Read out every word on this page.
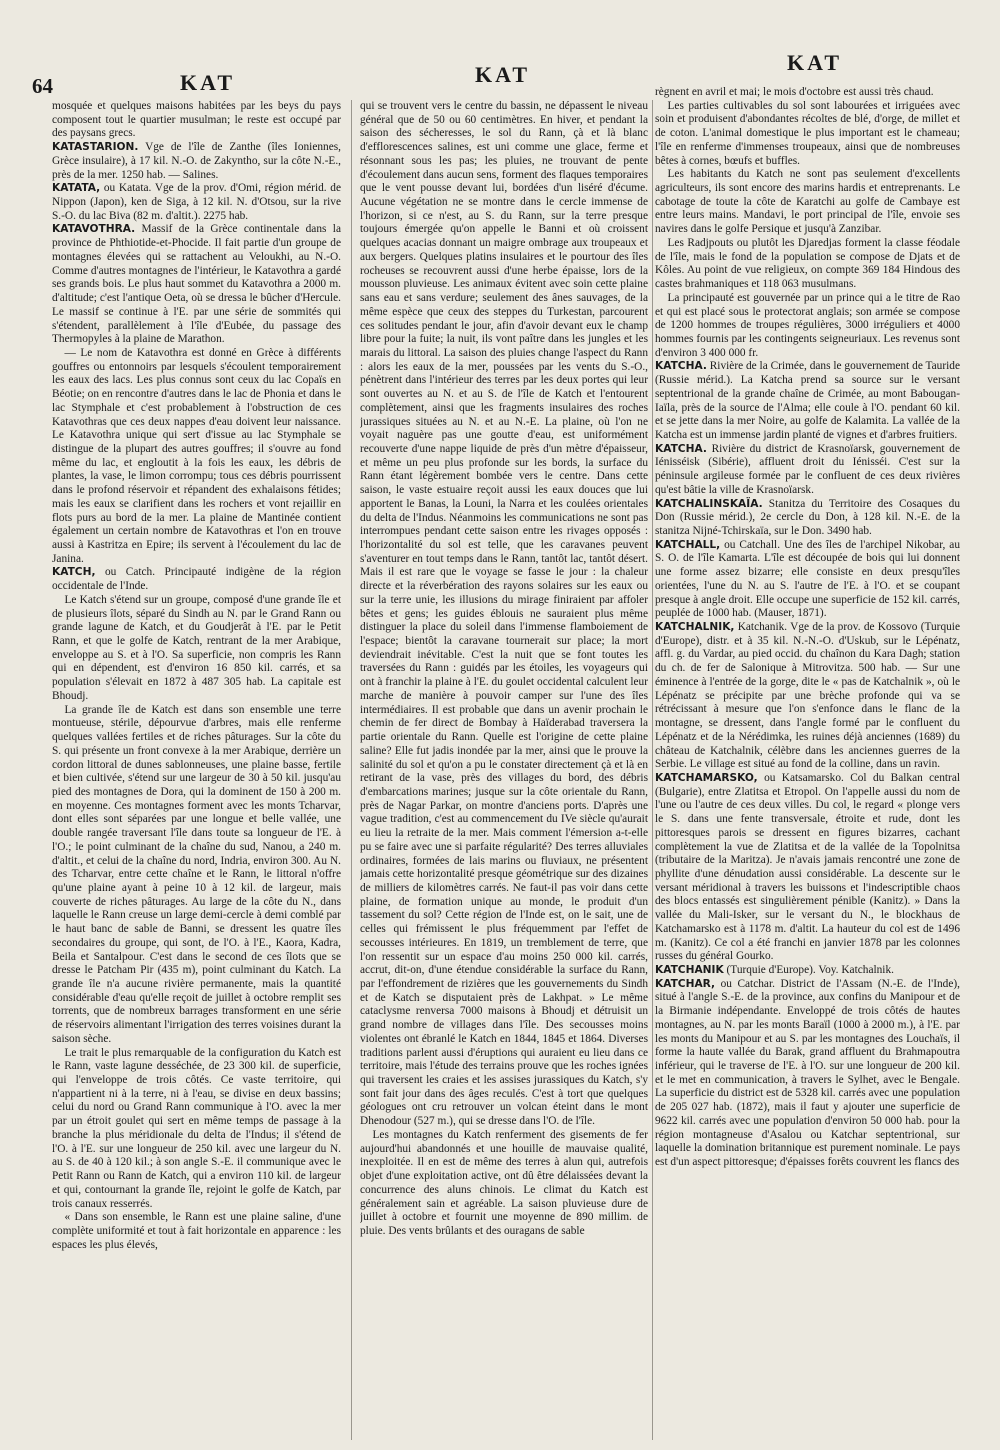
64	KAT	KAT	KAT

mosquée et quelques maisons habitées par les beys du pays composent tout le quartier musulman; le reste est occupé par des paysans grecs.

KATASTARION. Vge de l'île de Zanthe (îles Ioniennes, Grèce insulaire), à 17 kil. N.-O. de Zakyntho, sur la côte N.-E., près de la mer. 1250 hab. — Salines.

KATATA, ou Katata. Vge de la prov. d'Omi, région mérid. de Nippon (Japon), ken de Siga, à 12 kil. N. d'Otsou, sur la rive S.-O. du lac Biva (82 m. d'altit.). 2275 hab.

KATAVOTHRA. Massif de la Grèce continentale dans la province de Phthiotide-et-Phocide. Il fait partie d'un groupe de montagnes élevées qui se rattachent au Veloukhi, au N.-O. Comme d'autres montagnes de l'intérieur, le Katavothra a gardé ses grands bois. Le plus haut sommet du Katavothra a 2000 m. d'altitude; c'est l'antique Oeta, où se dressa le bûcher d'Hercule. Le massif se continue à l'E. par une série de sommités qui s'étendent, parallèlement à l'île d'Eubée, du passage des Thermopyles à la plaine de Marathon.

— Le nom de Katavothra est donné en Grèce à différents gouffres ou entonnoirs par lesquels s'écoulent temporairement les eaux des lacs. Les plus connus sont ceux du lac Copaïs en Béotie; on en rencontre d'autres dans le lac de Phonia et dans le lac Stymphale et c'est probablement à l'obstruction de ces Katavothras que ces deux nappes d'eau doivent leur naissance. Le Katavothra unique qui sert d'issue au lac Stymphale se distingue de la plupart des autres gouffres; il s'ouvre au fond même du lac, et engloutit à la fois les eaux, les débris de plantes, la vase, le limon corrompu; tous ces débris pourrissent dans le profond réservoir et répandent des exhalaisons fétides; mais les eaux se clarifient dans les rochers et vont rejaillir en flots purs au bord de la mer. La plaine de Mantinée contient également un certain nombre de Katavothras et l'on en trouve aussi à Kastritza en Epire; ils servent à l'écoulement du lac de Janina.

KATCH, ou Catch. Principauté indigène de la région occidentale de l'Inde.

Le Katch s'étend sur un groupe, composé d'une grande île et de plusieurs îlots, séparé du Sindh au N. par le Grand Rann ou grande lagune de Katch, et du Goudjerât à l'E. par le Petit Rann, et que le golfe de Katch, rentrant de la mer Arabique, enveloppe au S. et à l'O. Sa superficie, non compris les Rann qui en dépendent, est d'environ 16 850 kil. carrés, et sa population s'élevait en 1872 à 487 305 hab. La capitale est Bhoudj.

La grande île de Katch est dans son ensemble une terre montueuse, stérile, dépourvue d'arbres, mais elle renferme quelques vallées fertiles et de riches pâturages. Sur la côte du S. qui présente un front convexe à la mer Arabique, derrière un cordon littoral de dunes sablonneuses, une plaine basse, fertile et bien cultivée, s'étend sur une largeur de 30 à 50 kil. jusqu'au pied des montagnes de Dora, qui la dominent de 150 à 200 m. en moyenne. Ces montagnes forment avec les monts Tcharvar, dont elles sont séparées par une longue et belle vallée, une double rangée traversant l'île dans toute sa longueur de l'E. à l'O.; le point culminant de la chaîne du sud, Nanou, a 240 m. d'altit., et celui de la chaîne du nord, Indria, environ 300. Au N. des Tcharvar, entre cette chaîne et le Rann, le littoral n'offre qu'une plaine ayant à peine 10 à 12 kil. de largeur, mais couverte de riches pâturages. Au large de la côte du N., dans laquelle le Rann creuse un large demi-cercle à demi comblé par le haut banc de sable de Banni, se dressent les quatre îles secondaires du groupe, qui sont, de l'O. à l'E., Kaora, Kadra, Beila et Santalpour. C'est dans le second de ces îlots que se dresse le Patcham Pir (435 m), point culminant du Katch. La grande île n'a aucune rivière permanente, mais la quantité considérable d'eau qu'elle reçoit de juillet à octobre remplit ses torrents, que de nombreux barrages transforment en une série de réservoirs alimentant l'irrigation des terres voisines durant la saison sèche.

Le trait le plus remarquable de la configuration du Katch est le Rann, vaste lagune desséchée, de 23 300 kil. de superficie, qui l'enveloppe de trois côtés. Ce vaste territoire, qui n'appartient ni à la terre, ni à l'eau, se divise en deux bassins; celui du nord ou Grand Rann communique à l'O. avec la mer par un étroit goulet qui sert en même temps de passage à la branche la plus méridionale du delta de l'Indus; il s'étend de l'O. à l'E. sur une longueur de 250 kil. avec une largeur du N. au S. de 40 à 120 kil.; à son angle S.-E. il communique avec le Petit Rann ou Rann de Katch, qui a environ 110 kil. de largeur et qui, contournant la grande île, rejoint le golfe de Katch, par trois canaux resserrés.

« Dans son ensemble, le Rann est une plaine saline, d'une complète uniformité et tout à fait horizontale en apparence : les espaces les plus élevés,

qui se trouvent vers le centre du bassin, ne dépassent le niveau général que de 50 ou 60 centimètres. En hiver, et pendant la saison des sécheresses, le sol du Rann, çà et là blanc d'efflorescences salines, est uni comme une glace, ferme et résonnant sous les pas; les pluies, ne trouvant de pente d'écoulement dans aucun sens, forment des flaques temporaires que le vent pousse devant lui, bordées d'un liséré d'écume. Aucune végétation ne se montre dans le cercle immense de l'horizon, si ce n'est, au S. du Rann, sur la terre presque toujours émergée qu'on appelle le Banni et où croissent quelques acacias donnant un maigre ombrage aux troupeaux et aux bergers. Quelques platins insulaires et le pourtour des îles rocheuses se recouvrent aussi d'une herbe épaisse, lors de la mousson pluvieuse. Les animaux évitent avec soin cette plaine sans eau et sans verdure; seulement des ânes sauvages, de la même espèce que ceux des steppes du Turkestan, parcourent ces solitudes pendant le jour, afin d'avoir devant eux le champ libre pour la fuite; la nuit, ils vont paître dans les jungles et les marais du littoral. La saison des pluies change l'aspect du Rann : alors les eaux de la mer, poussées par les vents du S.-O., pénètrent dans l'intérieur des terres par les deux portes qui leur sont ouvertes au N. et au S. de l'île de Katch et l'entourent complètement, ainsi que les fragments insulaires des roches jurassiques situées au N. et au N.-E. La plaine, où l'on ne voyait naguère pas une goutte d'eau, est uniformément recouverte d'une nappe liquide de près d'un mètre d'épaisseur, et même un peu plus profonde sur les bords, la surface du Rann étant légèrement bombée vers le centre. Dans cette saison, le vaste estuaire reçoit aussi les eaux douces que lui apportent le Banas, la Louni, la Narra et les coulées orientales du delta de l'Indus. Néanmoins les communications ne sont pas interrompues pendant cette saison entre les rivages opposés : l'horizontalité du sol est telle, que les caravanes peuvent s'aventurer en tout temps dans le Rann, tantôt lac, tantôt désert. Mais il est rare que le voyage se fasse le jour : la chaleur directe et la réverbération des rayons solaires sur les eaux ou sur la terre unie, les illusions du mirage finiraient par affoler bêtes et gens; les guides éblouis ne sauraient plus même distinguer la place du soleil dans l'immense flamboiement de l'espace; bientôt la caravane tournerait sur place; la mort deviendrait inévitable. C'est la nuit que se font toutes les traversées du Rann : guidés par les étoiles, les voyageurs qui ont à franchir la plaine à l'E. du goulet occidental calculent leur marche de manière à pouvoir camper sur l'une des îles intermédiaires. Il est probable que dans un avenir prochain le chemin de fer direct de Bombay à Haïderabad traversera la partie orientale du Rann. Quelle est l'origine de cette plaine saline? Elle fut jadis inondée par la mer, ainsi que le prouve la salinité du sol et qu'on a pu le constater directement çà et là en retirant de la vase, près des villages du bord, des débris d'embarcations marines; jusque sur la côte orientale du Rann, près de Nagar Parkar, on montre d'anciens ports. D'après une vague tradition, c'est au commencement du IVe siècle qu'aurait eu lieu la retraite de la mer. Mais comment l'émersion a-t-elle pu se faire avec une si parfaite régularité? Des terres alluviales ordinaires, formées de lais marins ou fluviaux, ne présentent jamais cette horizontalité presque géométrique sur des dizaines de milliers de kilomètres carrés. Ne faut-il pas voir dans cette plaine, de formation unique au monde, le produit d'un tassement du sol? Cette région de l'Inde est, on le sait, une de celles qui frémissent le plus fréquemment par l'effet de secousses intérieures. En 1819, un tremblement de terre, que l'on ressentit sur un espace d'au moins 250 000 kil. carrés, accrut, dit-on, d'une étendue considérable la surface du Rann, par l'effondrement de rizières que les gouvernements du Sindh et de Katch se disputaient près de Lakhpat. » Le même cataclysme renversa 7000 maisons à Bhoudj et détruisit un grand nombre de villages dans l'île. Des secousses moins violentes ont ébranlé le Katch en 1844, 1845 et 1864. Diverses traditions parlent aussi d'éruptions qui auraient eu lieu dans ce territoire, mais l'étude des terrains prouve que les roches ignées qui traversent les craies et les assises jurassiques du Katch, s'y sont fait jour dans des âges reculés. C'est à tort que quelques géologues ont cru retrouver un volcan éteint dans le mont Dhenodour (527 m.), qui se dresse dans l'O. de l'île.

Les montagnes du Katch renferment des gisements de fer aujourd'hui abandonnés et une houille de mauvaise qualité, inexploitée. Il en est de même des terres à alun qui, autrefois objet d'une exploitation active, ont dû être délaissées devant la concurrence des aluns chinois. Le climat du Katch est généralement sain et agréable. La saison pluvieuse dure de juillet à octobre et fournit une moyenne de 890 millim. de pluie. Des vents brûlants et des ouragans de sable

règnent en avril et mai; le mois d'octobre est aussi très chaud.

Les parties cultivables du sol sont labourées et irriguées avec soin et produisent d'abondantes récoltes de blé, d'orge, de millet et de coton. L'animal domestique le plus important est le chameau; l'île en renferme d'immenses troupeaux, ainsi que de nombreuses bêtes à cornes, bœufs et buffles.

Les habitants du Katch ne sont pas seulement d'excellents agriculteurs, ils sont encore des marins hardis et entreprenants. Le cabotage de toute la côte de Karatchi au golfe de Cambaye est entre leurs mains. Mandavi, le port principal de l'île, envoie ses navires dans le golfe Persique et jusqu'à Zanzibar.

Les Radjpouts ou plutôt les Djaredjas forment la classe féodale de l'île, mais le fond de la population se compose de Djats et de Kôles. Au point de vue religieux, on compte 369 184 Hindous des castes brahmaniques et 118 063 musulmans.

La principauté est gouvernée par un prince qui a le titre de Rao et qui est placé sous le protectorat anglais; son armée se compose de 1200 hommes de troupes régulières, 3000 irréguliers et 4000 hommes fournis par les contingents seigneuriaux. Les revenus sont d'environ 3 400 000 fr.

KATCHA. Rivière de la Crimée, dans le gouvernement de Tauride (Russie mérid.). La Katcha prend sa source sur le versant septentrional de la grande chaîne de Crimée, au mont Babougan-Iaïla, près de la source de l'Alma; elle coule à l'O. pendant 60 kil. et se jette dans la mer Noire, au golfe de Kalamita. La vallée de la Katcha est un immense jardin planté de vignes et d'arbres fruitiers.

KATCHA. Rivière du district de Krasnoïarsk, gouvernement de Iénisséisk (Sibérie), affluent droit du Iénisséi. C'est sur la péninsule argileuse formée par le confluent de ces deux rivières qu'est bâtie la ville de Krasnoïarsk.

KATCHALINSKAÏA. Stanitza du Territoire des Cosaques du Don (Russie mérid.), 2e cercle du Don, à 128 kil. N.-E. de la stanitza Nijné-Tchirskaïa, sur le Don. 3490 hab.

KATCHALL, ou Catchall. Une des îles de l'archipel Nikobar, au S. O. de l'île Kamarta. L'île est découpée de bois qui lui donnent une forme assez bizarre; elle consiste en deux presqu'îles orientées, l'une du N. au S. l'autre de l'E. à l'O. et se coupant presque à angle droit. Elle occupe une superficie de 152 kil. carrés, peuplée de 1000 hab. (Mauser, 1871).

KATCHALNIK, Katchanik. Vge de la prov. de Kossovo (Turquie d'Europe), distr. et à 35 kil. N.-N.-O. d'Uskub, sur le Lépénatz, affl. g. du Vardar, au pied occid. du chaînon du Kara Dagh; station du ch. de fer de Salonique à Mitrovitza. 500 hab. — Sur une éminence à l'entrée de la gorge, dite le « pas de Katchalnik », où le Lépénatz se précipite par une brèche profonde qui va se rétrécissant à mesure que l'on s'enfonce dans le flanc de la montagne, se dressent, dans l'angle formé par le confluent du Lépénatz et de la Nérédimka, les ruines déjà anciennes (1689) du château de Katchalnik, célèbre dans les anciennes guerres de la Serbie. Le village est situé au fond de la colline, dans un ravin.

KATCHAMARSKO, ou Katsamarsko. Col du Balkan central (Bulgarie), entre Zlatitsa et Etropol. On l'appelle aussi du nom de l'une ou l'autre de ces deux villes. Du col, le regard « plonge vers le S. dans une fente transversale, étroite et rude, dont les pittoresques parois se dressent en figures bizarres, cachant complètement la vue de Zlatitsa et de la vallée de la Topolnitsa (tributaire de la Maritza). Je n'avais jamais rencontré une zone de phyllite d'une dénudation aussi considérable. La descente sur le versant méridional à travers les buissons et l'indescriptible chaos des blocs entassés est singulièrement pénible (Kanitz). » Dans la vallée du Mali-Isker, sur le versant du N., le blockhaus de Katchamarsko est à 1178 m. d'altit. La hauteur du col est de 1496 m. (Kanitz). Ce col a été franchi en janvier 1878 par les colonnes russes du général Gourko.

KATCHANIK (Turquie d'Europe). Voy. Katchalnik.

KATCHAR, ou Catchar. District de l'Assam (N.-E. de l'Inde), situé à l'angle S.-E. de la province, aux confins du Manipour et de la Birmanie indépendante. Enveloppé de trois côtés de hautes montagnes, au N. par les monts Baraïl (1000 à 2000 m.), à l'E. par les monts du Manipour et au S. par les montagnes des Louchaïs, il forme la haute vallée du Barak, grand affluent du Brahmapoutra inférieur, qui le traverse de l'E. à l'O. sur une longueur de 200 kil. et le met en communication, à travers le Sylhet, avec le Bengale. La superficie du district est de 5328 kil. carrés avec une population de 205 027 hab. (1872), mais il faut y ajouter une superficie de 9622 kil. carrés avec une population d'environ 50 000 hab. pour la région montagneuse d'Asalou ou Katchar septentrional, sur laquelle la domination britannique est purement nominale. Le pays est d'un aspect pittoresque; d'épaisses forêts couvrent les flancs des
